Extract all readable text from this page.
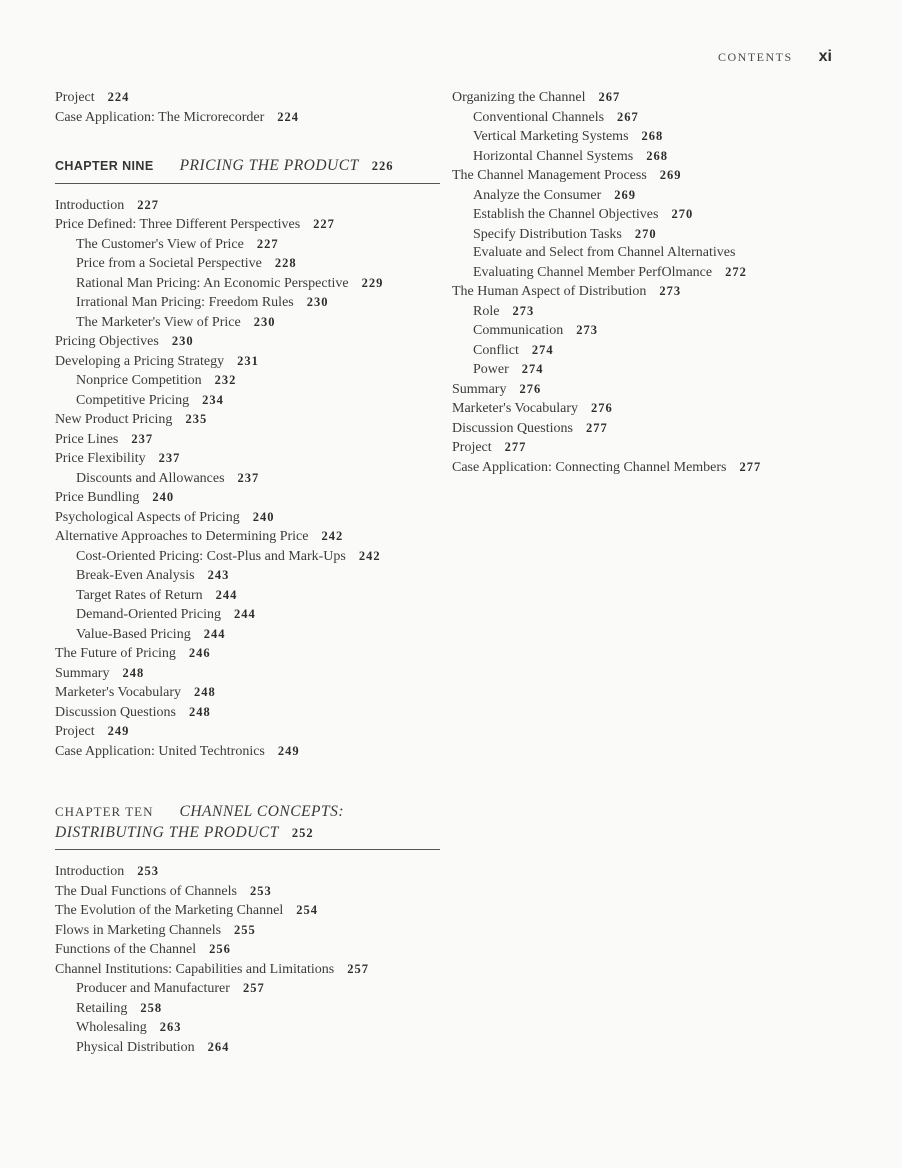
CONTENTS xi
Project 224
Case Application: The Microrecorder 224
CHAPTER NINE PRICING THE PRODUCT 226
Introduction 227
Price Defined: Three Different Perspectives 227
The Customer's View of Price 227
Price from a Societal Perspective 228
Rational Man Pricing: An Economic Perspective 229
Irrational Man Pricing: Freedom Rules 230
The Marketer's View of Price 230
Pricing Objectives 230
Developing a Pricing Strategy 231
Nonprice Competition 232
Competitive Pricing 234
New Product Pricing 235
Price Lines 237
Price Flexibility 237
Discounts and Allowances 237
Price Bundling 240
Psychological Aspects of Pricing 240
Alternative Approaches to Determining Price 242
Cost-Oriented Pricing: Cost-Plus and Mark-Ups 242
Break-Even Analysis 243
Target Rates of Return 244
Demand-Oriented Pricing 244
Value-Based Pricing 244
The Future of Pricing 246
Summary 248
Marketer's Vocabulary 248
Discussion Questions 248
Project 249
Case Application: United Techtronics 249
CHAPTER TEN CHANNEL CONCEPTS: DISTRIBUTING THE PRODUCT 252
Introduction 253
The Dual Functions of Channels 253
The Evolution of the Marketing Channel 254
Flows in Marketing Channels 255
Functions of the Channel 256
Channel Institutions: Capabilities and Limitations 257
Producer and Manufacturer 257
Retailing 258
Wholesaling 263
Physical Distribution 264
Organizing the Channel 267
Conventional Channels 267
Vertical Marketing Systems 268
Horizontal Channel Systems 268
The Channel Management Process 269
Analyze the Consumer 269
Establish the Channel Objectives 270
Specify Distribution Tasks 270
Evaluate and Select from Channel Alternatives
Evaluating Channel Member PerfOlmance 272
The Human Aspect of Distribution 273
Role 273
Communication 273
Conflict 274
Power 274
Summary 276
Marketer's Vocabulary 276
Discussion Questions 277
Project 277
Case Application: Connecting Channel Members 277
